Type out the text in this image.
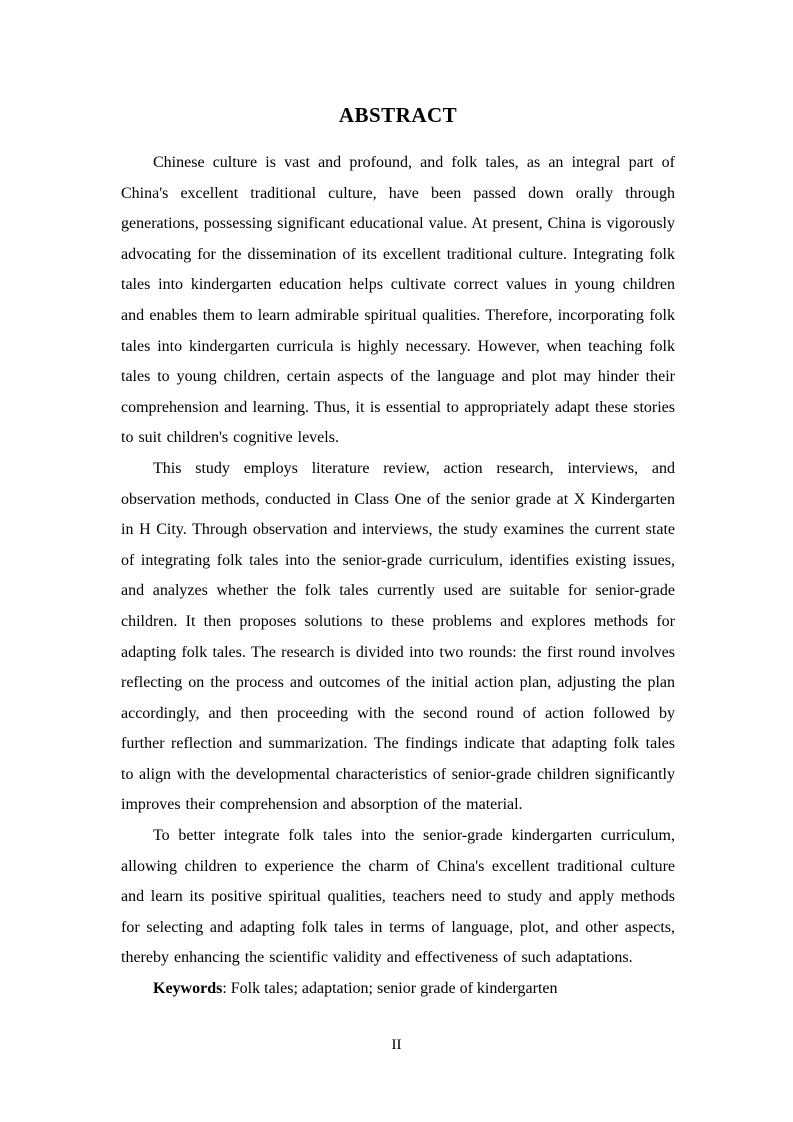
ABSTRACT

Chinese culture is vast and profound, and folk tales, as an integral part of China's excellent traditional culture, have been passed down orally through generations, possessing significant educational value. At present, China is vigorously advocating for the dissemination of its excellent traditional culture. Integrating folk tales into kindergarten education helps cultivate correct values in young children and enables them to learn admirable spiritual qualities. Therefore, incorporating folk tales into kindergarten curricula is highly necessary. However, when teaching folk tales to young children, certain aspects of the language and plot may hinder their comprehension and learning. Thus, it is essential to appropriately adapt these stories to suit children's cognitive levels.

This study employs literature review, action research, interviews, and observation methods, conducted in Class One of the senior grade at X Kindergarten in H City. Through observation and interviews, the study examines the current state of integrating folk tales into the senior-grade curriculum, identifies existing issues, and analyzes whether the folk tales currently used are suitable for senior-grade children. It then proposes solutions to these problems and explores methods for adapting folk tales. The research is divided into two rounds: the first round involves reflecting on the process and outcomes of the initial action plan, adjusting the plan accordingly, and then proceeding with the second round of action followed by further reflection and summarization. The findings indicate that adapting folk tales to align with the developmental characteristics of senior-grade children significantly improves their comprehension and absorption of the material.

To better integrate folk tales into the senior-grade kindergarten curriculum, allowing children to experience the charm of China's excellent traditional culture and learn its positive spiritual qualities, teachers need to study and apply methods for selecting and adapting folk tales in terms of language, plot, and other aspects, thereby enhancing the scientific validity and effectiveness of such adaptations.

Keywords: Folk tales; adaptation; senior grade of kindergarten

II
